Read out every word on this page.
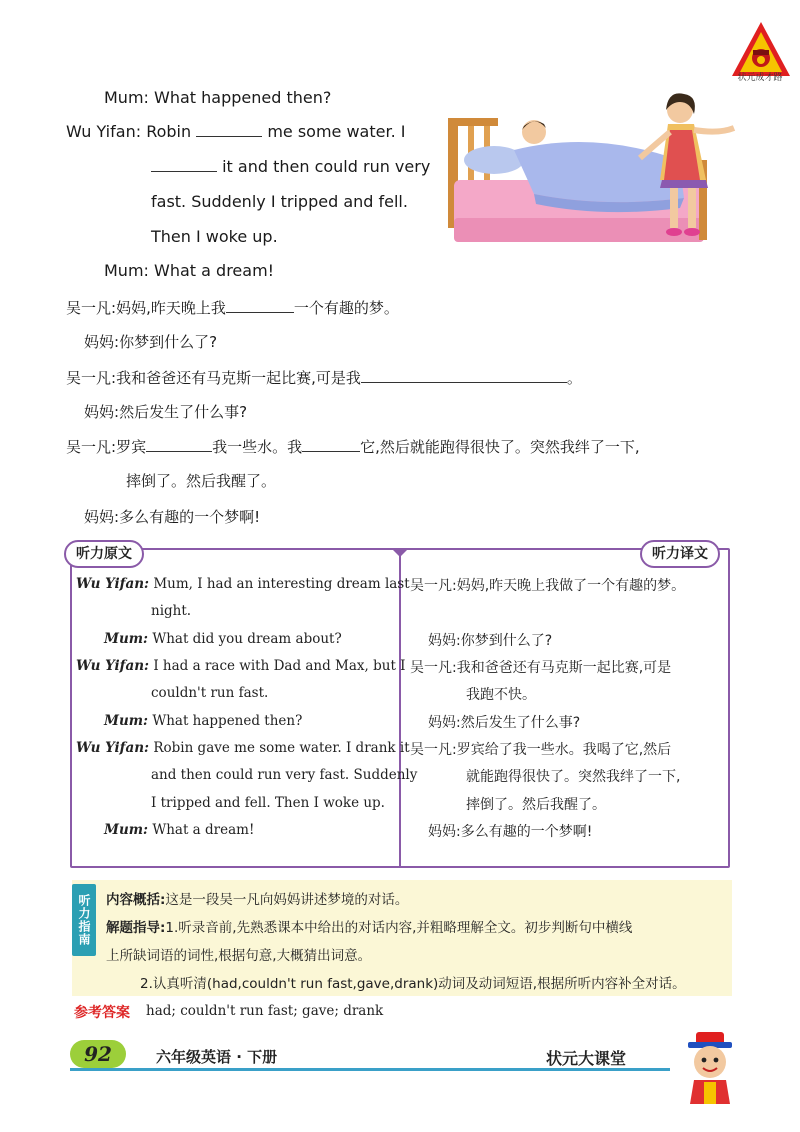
状元成才路
Mum: What happened then?
Wu Yifan: Robin	me some water. I
it and then could run very
fast. Suddenly I tripped and fell.
Then I woke up.
Mum: What a dream!
吴一凡:妈妈,昨天晚上我	一个有趣的梦。
妈妈:你梦到什么了?
吴一凡:我和爸爸还有马克斯一起比赛,可是我	。
妈妈:然后发生了什么事?
吴一凡:罗宾	我一些水。我	它,然后就能跑得很快了。突然我绊了一下,
摔倒了。然后我醒了。
妈妈:多么有趣的一个梦啊!
听力原文	听力译文
Wu Yifan: Mum, I had an interesting dream last
night.
Mum: What did you dream about?
Wu Yifan: I had a race with Dad and Max, but I
couldn't run fast.
Mum: What happened then?
Wu Yifan: Robin gave me some water. I drank it
and then could run very fast. Suddenly
I tripped and fell. Then I woke up.
Mum: What a dream!
吴一凡:妈妈,昨天晚上我做了一个有趣的梦。
妈妈:你梦到什么了?
吴一凡:我和爸爸还有马克斯一起比赛,可是
我跑不快。
妈妈:然后发生了什么事?
吴一凡:罗宾给了我一些水。我喝了它,然后
就能跑得很快了。突然我绊了一下,
摔倒了。然后我醒了。
妈妈:多么有趣的一个梦啊!
听力指南	内容概括:这是一段吴一凡向妈妈讲述梦境的对话。
解题指导:1.听录音前,先熟悉课本中给出的对话内容,并粗略理解全文。初步判断句中横线
上所缺词语的词性,根据句意,大概猜出词意。
2.认真听清(had,couldn't run fast,gave,drank)动词及动词短语,根据所听内容补全对话。
参考答案 had; couldn't run fast; gave; drank
92	六年级英语 · 下册	状元大课堂
